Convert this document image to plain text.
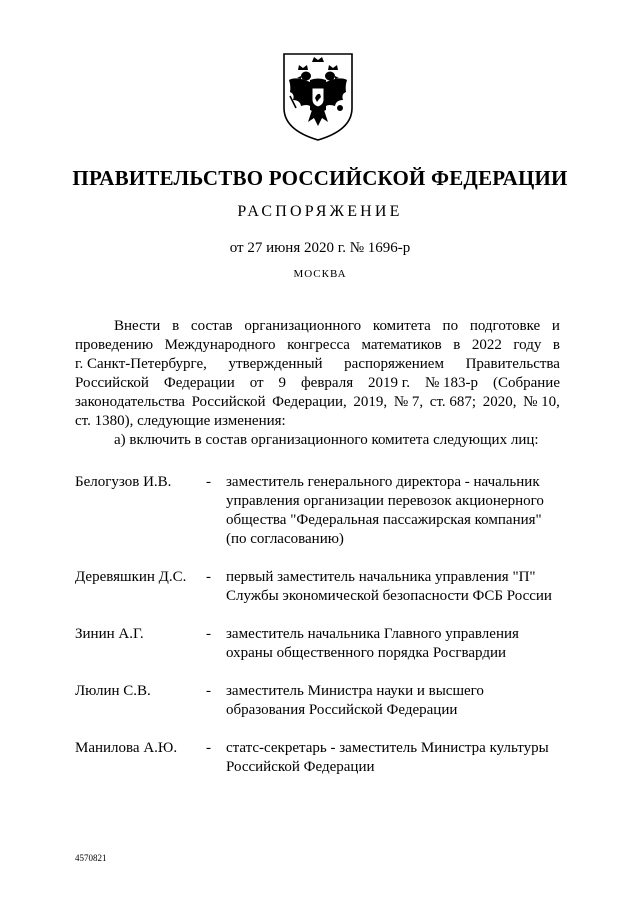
ПРАВИТЕЛЬСТВО РОССИЙСКОЙ ФЕДЕРАЦИИ
РАСПОРЯЖЕНИЕ
от 27 июня 2020 г. № 1696-р
МОСКВА
Внести в состав организационного комитета по подготовке и
проведению Международного конгресса математиков в 2022 году в
г. Санкт-Петербурге, утвержденный распоряжением Правительства
Российской Федерации от 9 февраля 2019 г. № 183-р (Собрание
законодательства Российской Федерации, 2019, № 7, ст. 687; 2020, № 10,
ст. 1380), следующие изменения:
а) включить в состав организационного комитета следующих лиц:
Белогузов И.В. - заместитель генерального директора - начальник
управления организации перевозок акционерного
общества "Федеральная пассажирская компания"
(по согласованию)
Деревяшкин Д.С. - первый заместитель начальника управления "П"
Службы экономической безопасности ФСБ России
Зинин А.Г.	- заместитель начальника Главного управления
охраны общественного порядка Росгвардии
Люлин С.В.	- заместитель Министра науки и высшего
образования Российской Федерации
Манилова А.Ю. - статс-секретарь - заместитель Министра культуры
Российской Федерации
4570821
